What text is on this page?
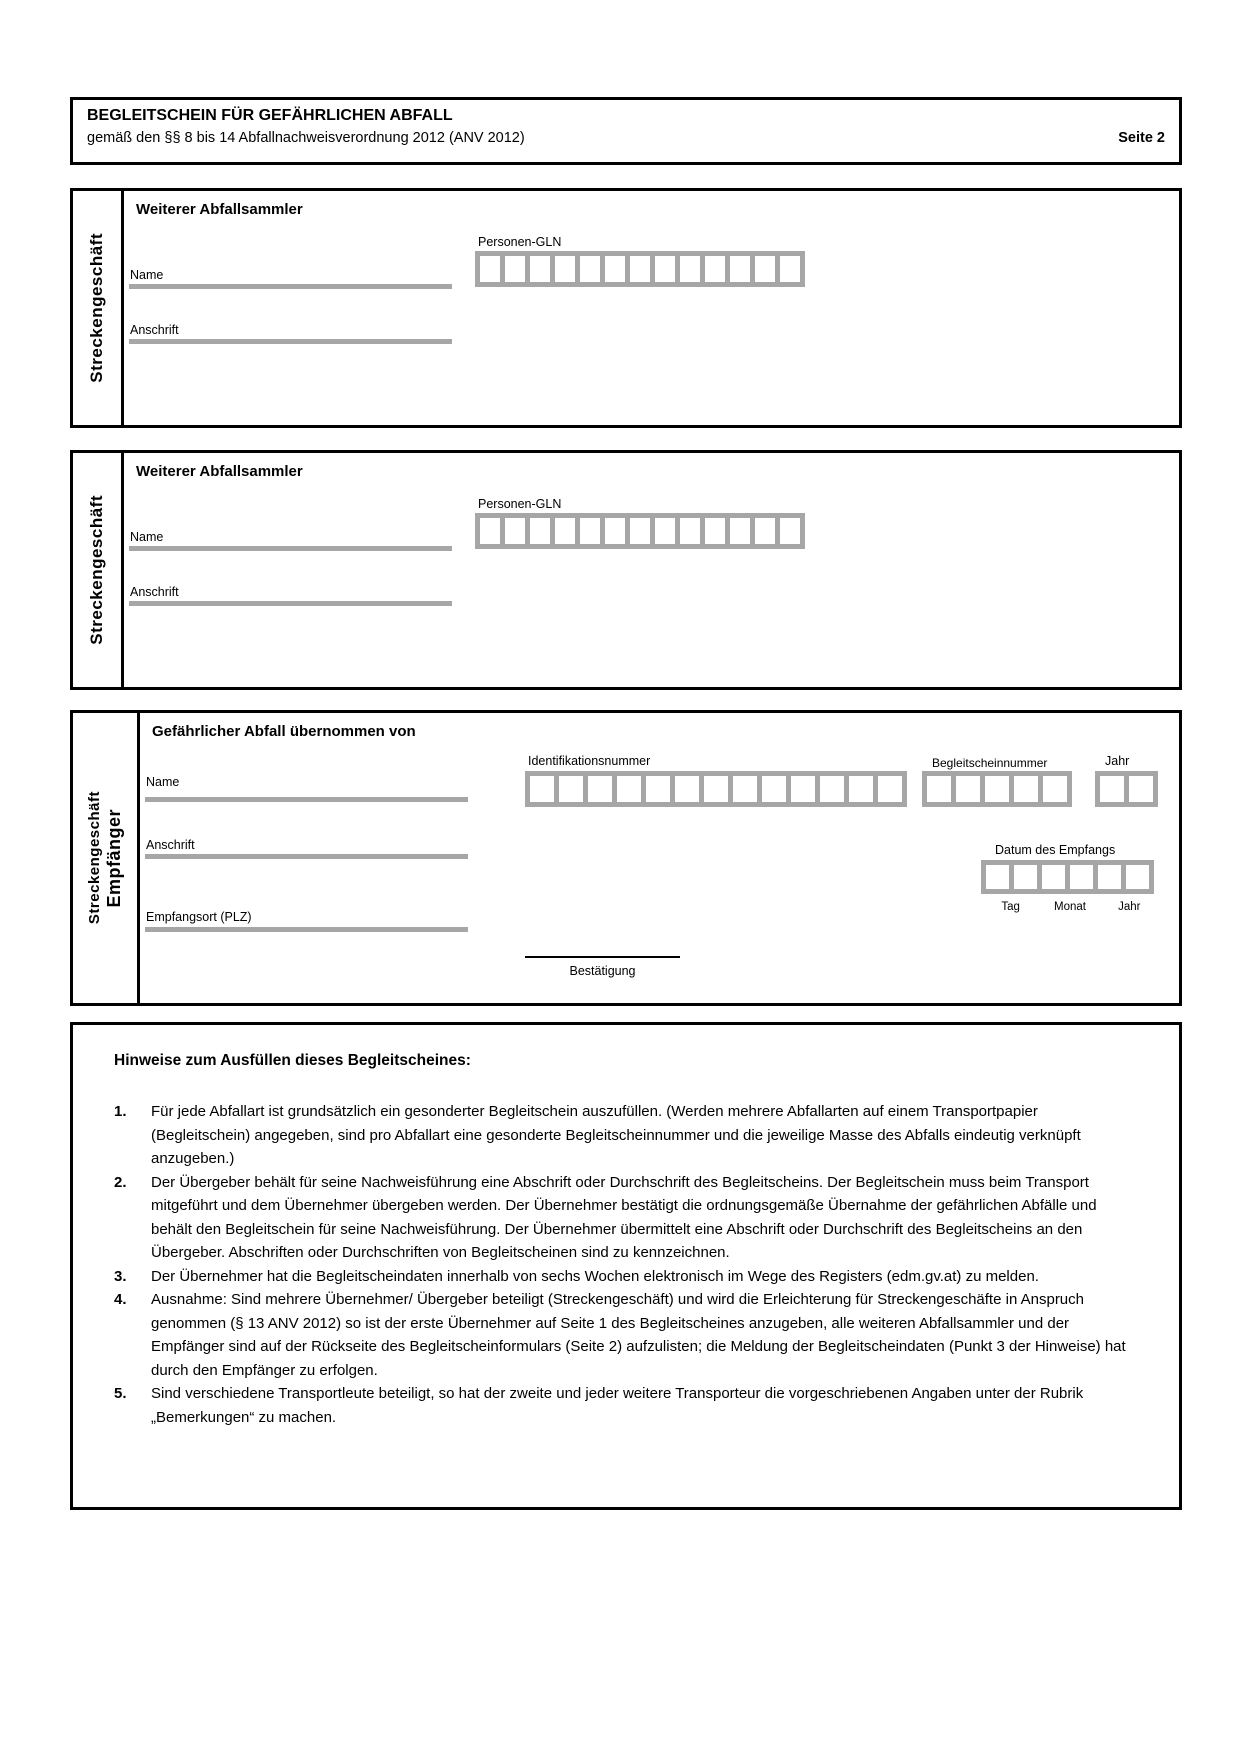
BEGLEITSCHEIN FÜR GEFÄHRLICHEN ABFALL
gemäß den §§ 8 bis 14 Abfallnachweisverordnung 2012 (ANV 2012)	Seite 2
Streckengeschäft
Weiterer Abfallsammler
Personen-GLN
Name
Anschrift
Streckengeschäft
Weiterer Abfallsammler
Personen-GLN
Name
Anschrift
Streckengeschäft Empfänger
Gefährlicher Abfall übernommen von
Identifikationsnummer	Begleitscheinnummer	Jahr
Name
Anschrift	Datum des Empfangs
Tag	Monat	Jahr
Empfangsort (PLZ)
Bestätigung

Hinweise zum Ausfüllen dieses Begleitscheines:

1.	Für jede Abfallart ist grundsätzlich ein gesonderter Begleitschein auszufüllen. (Werden mehrere Abfallarten auf einem Transportpapier (Begleitschein) angegeben, sind pro Abfallart eine gesonderte Begleitscheinnummer und die jeweilige Masse des Abfalls eindeutig verknüpft anzugeben.)
2.	Der Übergeber behält für seine Nachweisführung eine Abschrift oder Durchschrift des Begleitscheins. Der Begleitschein muss beim Transport mitgeführt und dem Übernehmer übergeben werden. Der Übernehmer bestätigt die ordnungsgemäße Übernahme der gefährlichen Abfälle und behält den Begleitschein für seine Nachweisführung. Der Übernehmer übermittelt eine Abschrift oder Durchschrift des Begleitscheins an den Übergeber. Abschriften oder Durchschriften von Begleitscheinen sind zu kennzeichnen.
3.	Der Übernehmer hat die Begleitscheindaten innerhalb von sechs Wochen elektronisch im Wege des Registers (edm.gv.at) zu melden.
4.	Ausnahme: Sind mehrere Übernehmer/ Übergeber beteiligt (Streckengeschäft) und wird die Erleichterung für Streckengeschäfte in Anspruch genommen (§ 13 ANV 2012) so ist der erste Übernehmer auf Seite 1 des Begleitscheines anzugeben, alle weiteren Abfallsammler und der Empfänger sind auf der Rückseite des Begleitscheinformulars (Seite 2) aufzulisten; die Meldung der Begleitscheindaten (Punkt 3 der Hinweise) hat durch den Empfänger zu erfolgen.
5.	Sind verschiedene Transportleute beteiligt, so hat der zweite und jeder weitere Transporteur die vorgeschriebenen Angaben unter der Rubrik „Bemerkungen“ zu machen.
